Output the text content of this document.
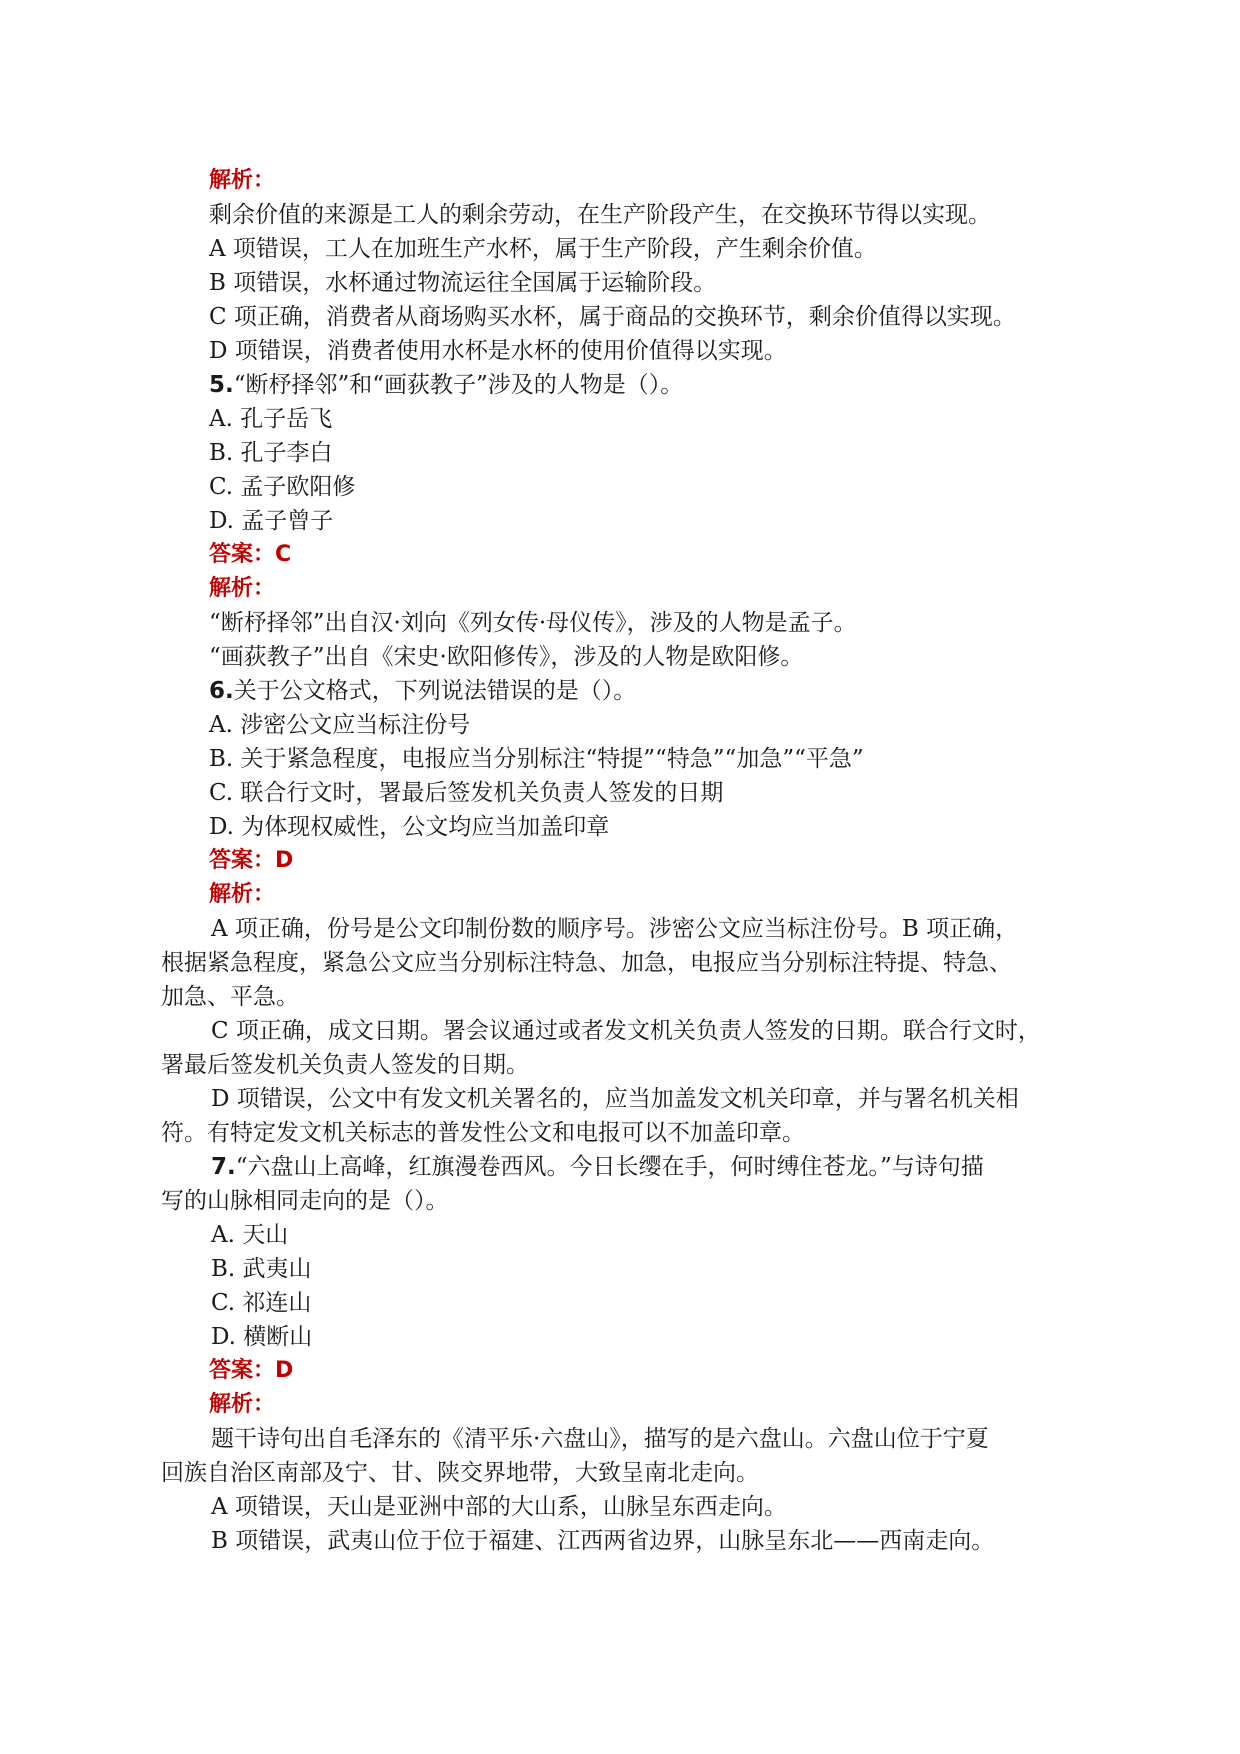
解析：
剩余价值的来源是工人的剩余劳动，在生产阶段产生，在交换环节得以实现。
A 项错误，工人在加班生产水杯，属于生产阶段，产生剩余价值。
B 项错误，水杯通过物流运往全国属于运输阶段。
C 项正确，消费者从商场购买水杯，属于商品的交换环节，剩余价值得以实现。
D 项错误，消费者使用水杯是水杯的使用价值得以实现。
5.“断杼择邻”和“画荻教子”涉及的人物是（）。
A. 孔子岳飞
B. 孔子李白
C. 孟子欧阳修
D. 孟子曾子
答案：C
解析：
“断杼择邻”出自汉·刘向《列女传·母仪传》，涉及的人物是孟子。
“画荻教子”出自《宋史·欧阳修传》，涉及的人物是欧阳修。
6.关于公文格式，下列说法错误的是（）。
A. 涉密公文应当标注份号
B. 关于紧急程度，电报应当分别标注“特提”“特急”“加急”“平急”
C. 联合行文时，署最后签发机关负责人签发的日期
D. 为体现权威性，公文均应当加盖印章
答案：D
解析：
A 项正确，份号是公文印制份数的顺序号。涉密公文应当标注份号。B 项正确，
根据紧急程度，紧急公文应当分别标注特急、加急，电报应当分别标注特提、特急、
加急、平急。
C 项正确，成文日期。署会议通过或者发文机关负责人签发的日期。联合行文时，
署最后签发机关负责人签发的日期。
D 项错误，公文中有发文机关署名的，应当加盖发文机关印章，并与署名机关相
符。有特定发文机关标志的普发性公文和电报可以不加盖印章。
7.“六盘山上高峰，红旗漫卷西风。今日长缨在手，何时缚住苍龙。”与诗句描
写的山脉相同走向的是（）。
A. 天山
B. 武夷山
C. 祁连山
D. 横断山
答案：D
解析：
题干诗句出自毛泽东的《清平乐·六盘山》，描写的是六盘山。六盘山位于宁夏
回族自治区南部及宁、甘、陕交界地带，大致呈南北走向。
A 项错误，天山是亚洲中部的大山系，山脉呈东西走向。
B 项错误，武夷山位于位于福建、江西两省边界，山脉呈东北——西南走向。
